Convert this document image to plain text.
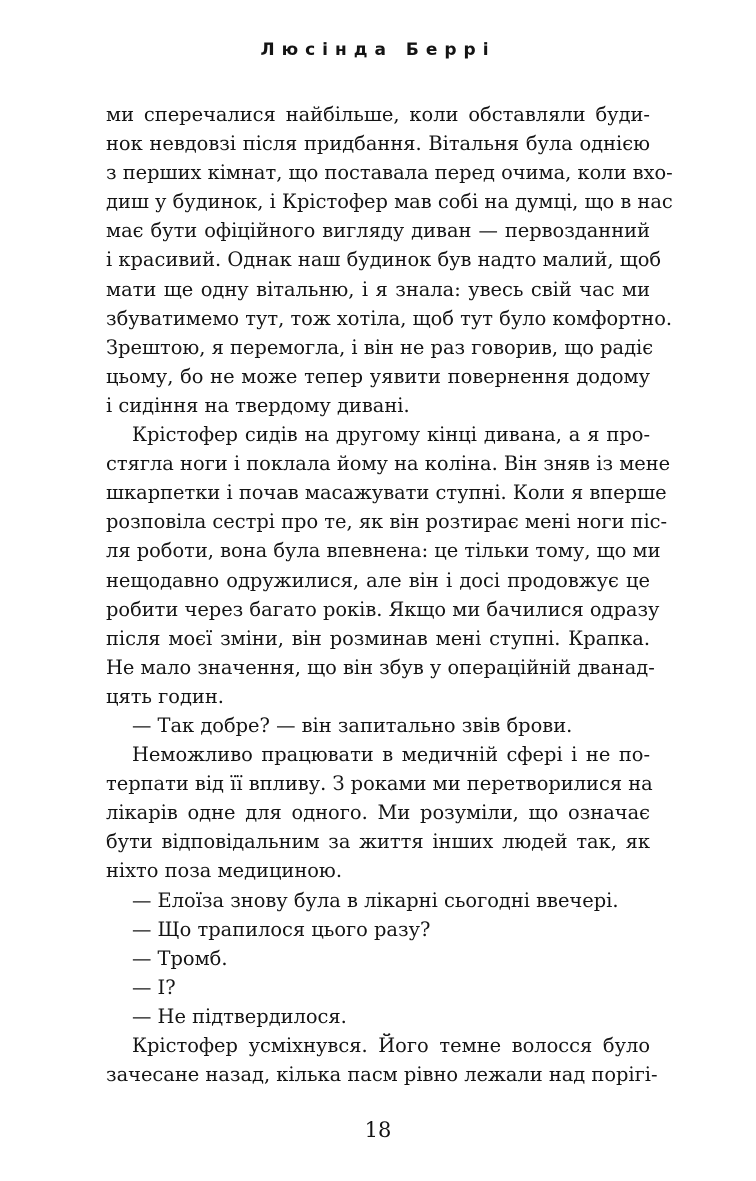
Люсінда Беррі
ми сперечалися найбільше, коли обставляли буди-
нок невдовзі після придбання. Вітальня була однією
з перших кімнат, що поставала перед очима, коли вхо-
диш у будинок, і Крістофер мав собі на думці, що в нас
має бути офіційного вигляду диван — первозданний
і красивий. Однак наш будинок був надто малий, щоб
мати ще одну вітальню, і я знала: увесь свій час ми
збуватимемо тут, тож хотіла, щоб тут було комфортно.
Зрештою, я перемогла, і він не раз говорив, що радіє
цьому, бо не може тепер уявити повернення додому
і сидіння на твердому дивані.
Крістофер сидів на другому кінці дивана, а я про-
стягла ноги і поклала йому на коліна. Він зняв із мене
шкарпетки і почав масажувати ступні. Коли я вперше
розповіла сестрі про те, як він розтирає мені ноги піс-
ля роботи, вона була впевнена: це тільки тому, що ми
нещодавно одружилися, але він і досі продовжує це
робити через багато років. Якщо ми бачилися одразу
після моєї зміни, він розминав мені ступні. Крапка.
Не мало значення, що він збув у операційній дванад-
цять годин.
— Так добре? — він запитально звів брови.
Неможливо працювати в медичній сфері і не по-
терпати від її впливу. З роками ми перетворилися на
лікарів одне для одного. Ми розуміли, що означає
бути відповідальним за життя інших людей так, як
ніхто поза медициною.
— Елоїза знову була в лікарні сьогодні ввечері.
— Що трапилося цього разу?
— Тромб.
— І?
— Не підтвердилося.
Крістофер усміхнувся. Його темне волосся було
зачесане назад, кілька пасм рівно лежали над порігі-
18
